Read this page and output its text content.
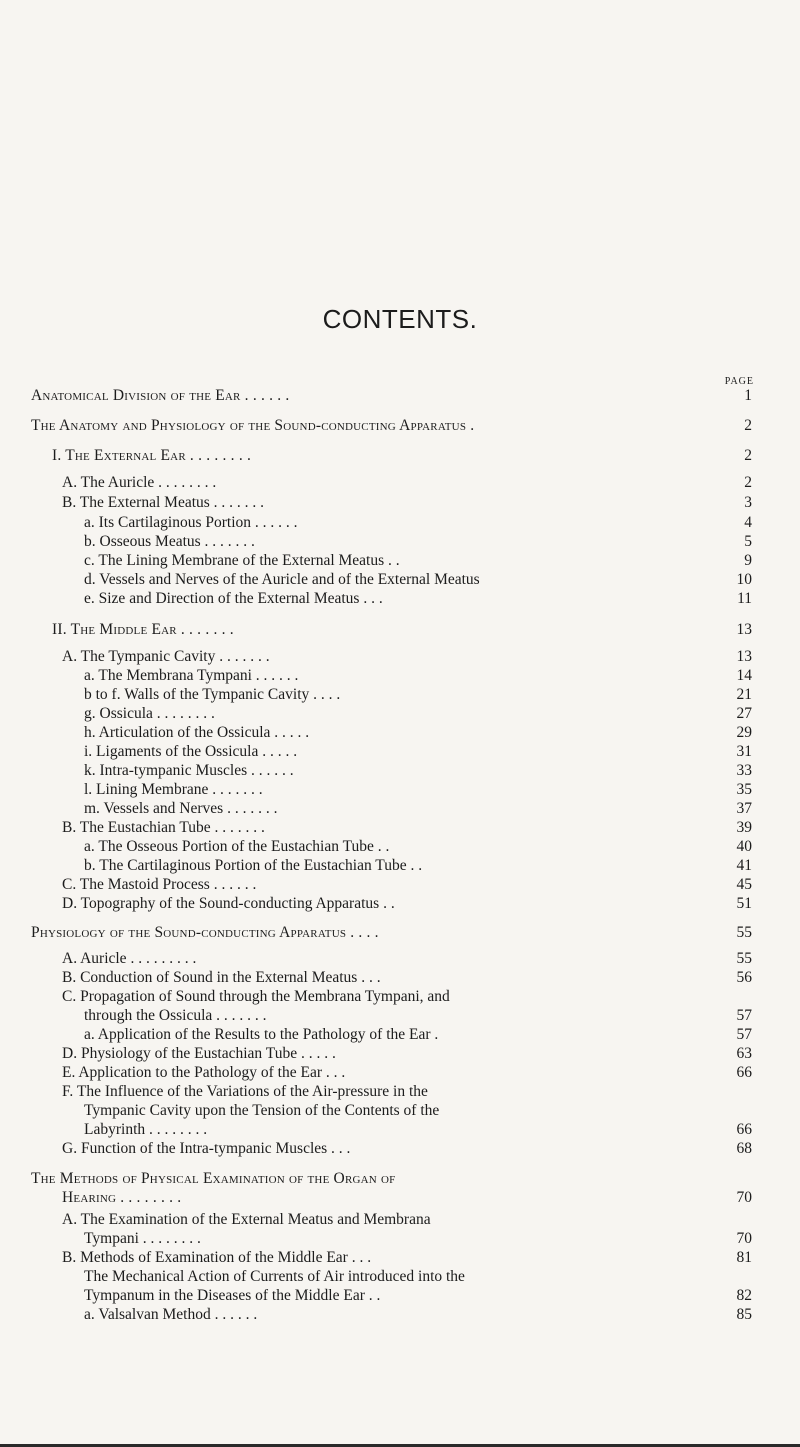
CONTENTS.
PAGE
Anatomical Division of the Ear . . . . . .	1
The Anatomy and Physiology of the Sound-conducting Apparatus .	2
I. The External Ear . . . . . . . .	2
A. The Auricle . . . . . . . .	2
B. The External Meatus . . . . . . .	3
a. Its Cartilaginous Portion . . . . . .	4
b. Osseous Meatus . . . . . . .	5
c. The Lining Membrane of the External Meatus . .	9
d. Vessels and Nerves of the Auricle and of the External Meatus	10
e. Size and Direction of the External Meatus . . .	11
II. The Middle Ear . . . . . . .	13
A. The Tympanic Cavity . . . . . . .	13
a. The Membrana Tympani . . . . . .	14
b to f. Walls of the Tympanic Cavity . . . .	21
g. Ossicula . . . . . . . .	27
h. Articulation of the Ossicula . . . . .	29
i. Ligaments of the Ossicula . . . . .	31
k. Intra-tympanic Muscles . . . . . .	33
l. Lining Membrane . . . . . . .	35
m. Vessels and Nerves . . . . . . .	37
B. The Eustachian Tube . . . . . . .	39
a. The Osseous Portion of the Eustachian Tube . .	40
b. The Cartilaginous Portion of the Eustachian Tube . .	41
C. The Mastoid Process . . . . . .	45
D. Topography of the Sound-conducting Apparatus . .	51
Physiology of the Sound-conducting Apparatus . . . .	55
A. Auricle . . . . . . . . .	55
B. Conduction of Sound in the External Meatus . . .	56
C. Propagation of Sound through the Membrana Tympani, and
through the Ossicula . . . . . . .	57
a. Application of the Results to the Pathology of the Ear .	57
D. Physiology of the Eustachian Tube . . . . .	63
E. Application to the Pathology of the Ear . . .	66
F. The Influence of the Variations of the Air-pressure in the
Tympanic Cavity upon the Tension of the Contents of the
Labyrinth . . . . . . . .	66
G. Function of the Intra-tympanic Muscles . . .	68
The Methods of Physical Examination of the Organ of
Hearing . . . . . . . .	70
A. The Examination of the External Meatus and Membrana
Tympani . . . . . . . .	70
B. Methods of Examination of the Middle Ear . . .	81
The Mechanical Action of Currents of Air introduced into the
Tympanum in the Diseases of the Middle Ear . .	82
a. Valsalvan Method . . . . . .	85
